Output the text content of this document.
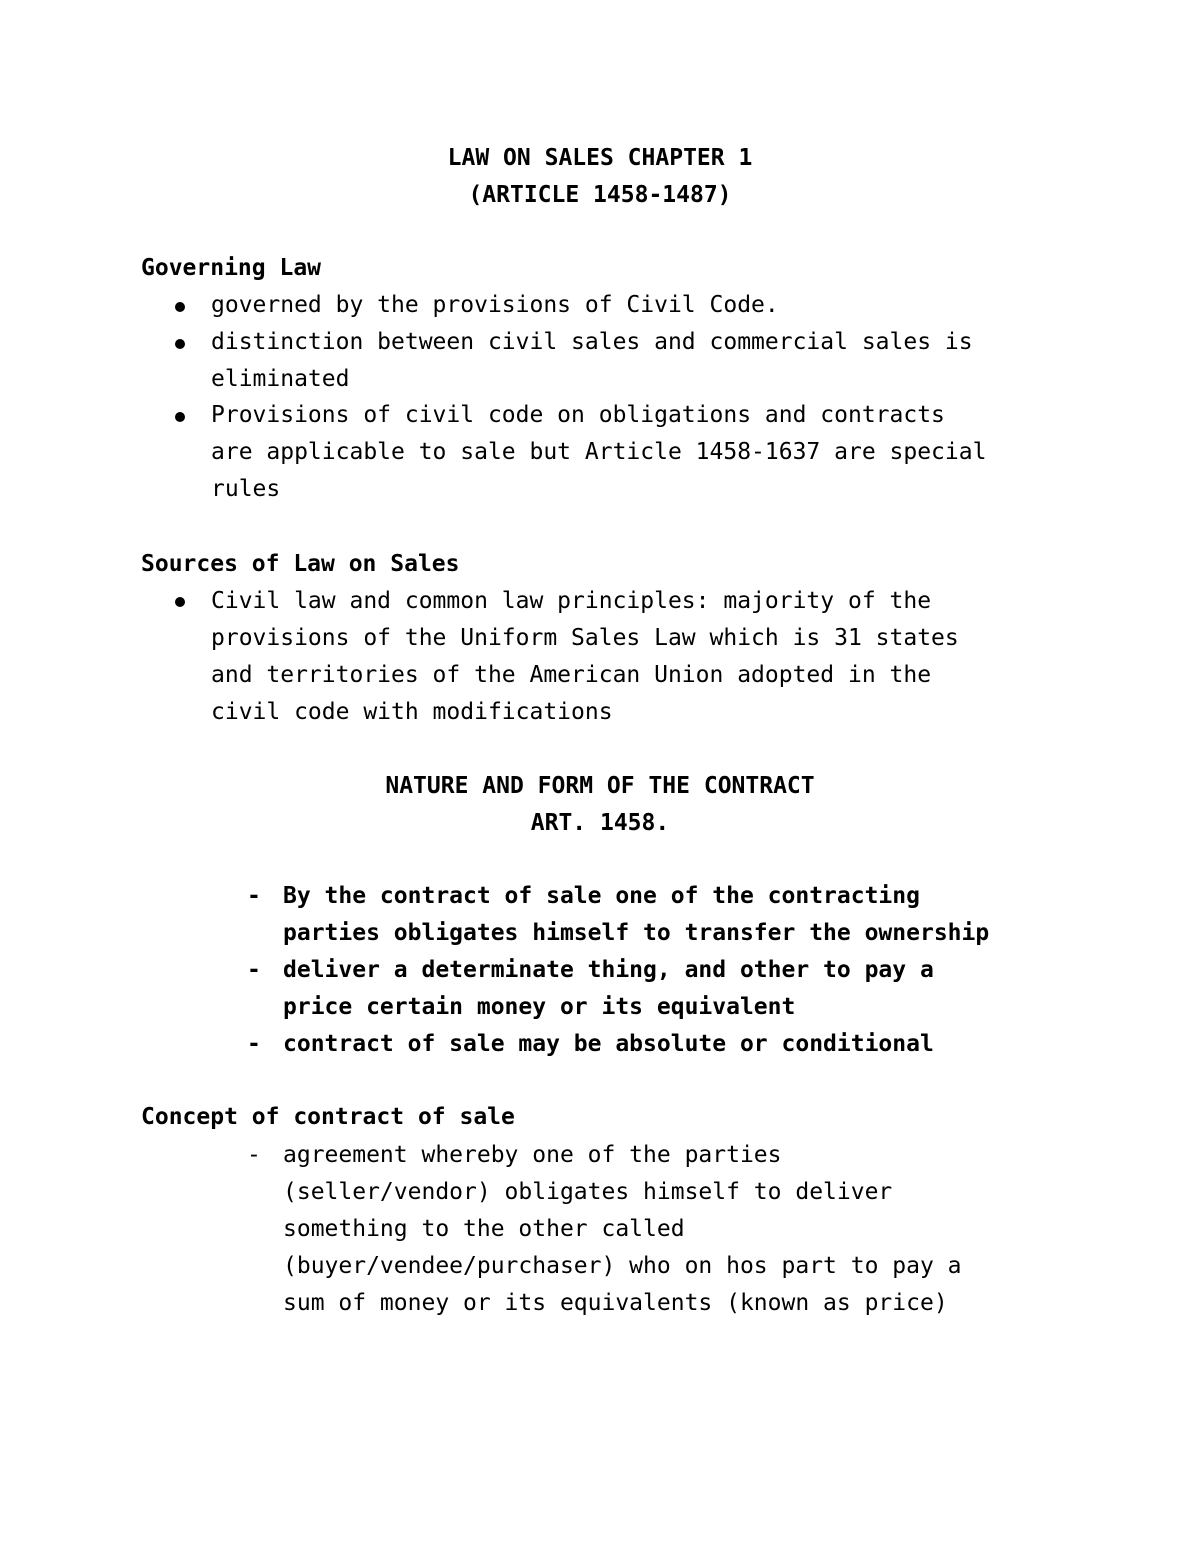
LAW ON SALES CHAPTER 1
(ARTICLE 1458-1487)
Governing Law
governed by the provisions of Civil Code.
distinction between civil sales and commercial sales is
eliminated
Provisions of civil code on obligations and contracts
are applicable to sale but Article 1458-1637 are special
rules
Sources of Law on Sales
Civil law and common law principles: majority of the
provisions of the Uniform Sales Law which is 31 states
and territories of the American Union adopted in the
civil code with modifications
NATURE AND FORM OF THE CONTRACT
ART. 1458.
- By the contract of sale one of the contracting
parties obligates himself to transfer the ownership
- deliver a determinate thing, and other to pay a
price certain money or its equivalent
- contract of sale may be absolute or conditional
Concept of contract of sale
- agreement whereby one of the parties
(seller/vendor) obligates himself to deliver
something to the other called
(buyer/vendee/purchaser) who on hos part to pay a
sum of money or its equivalents (known as price)
